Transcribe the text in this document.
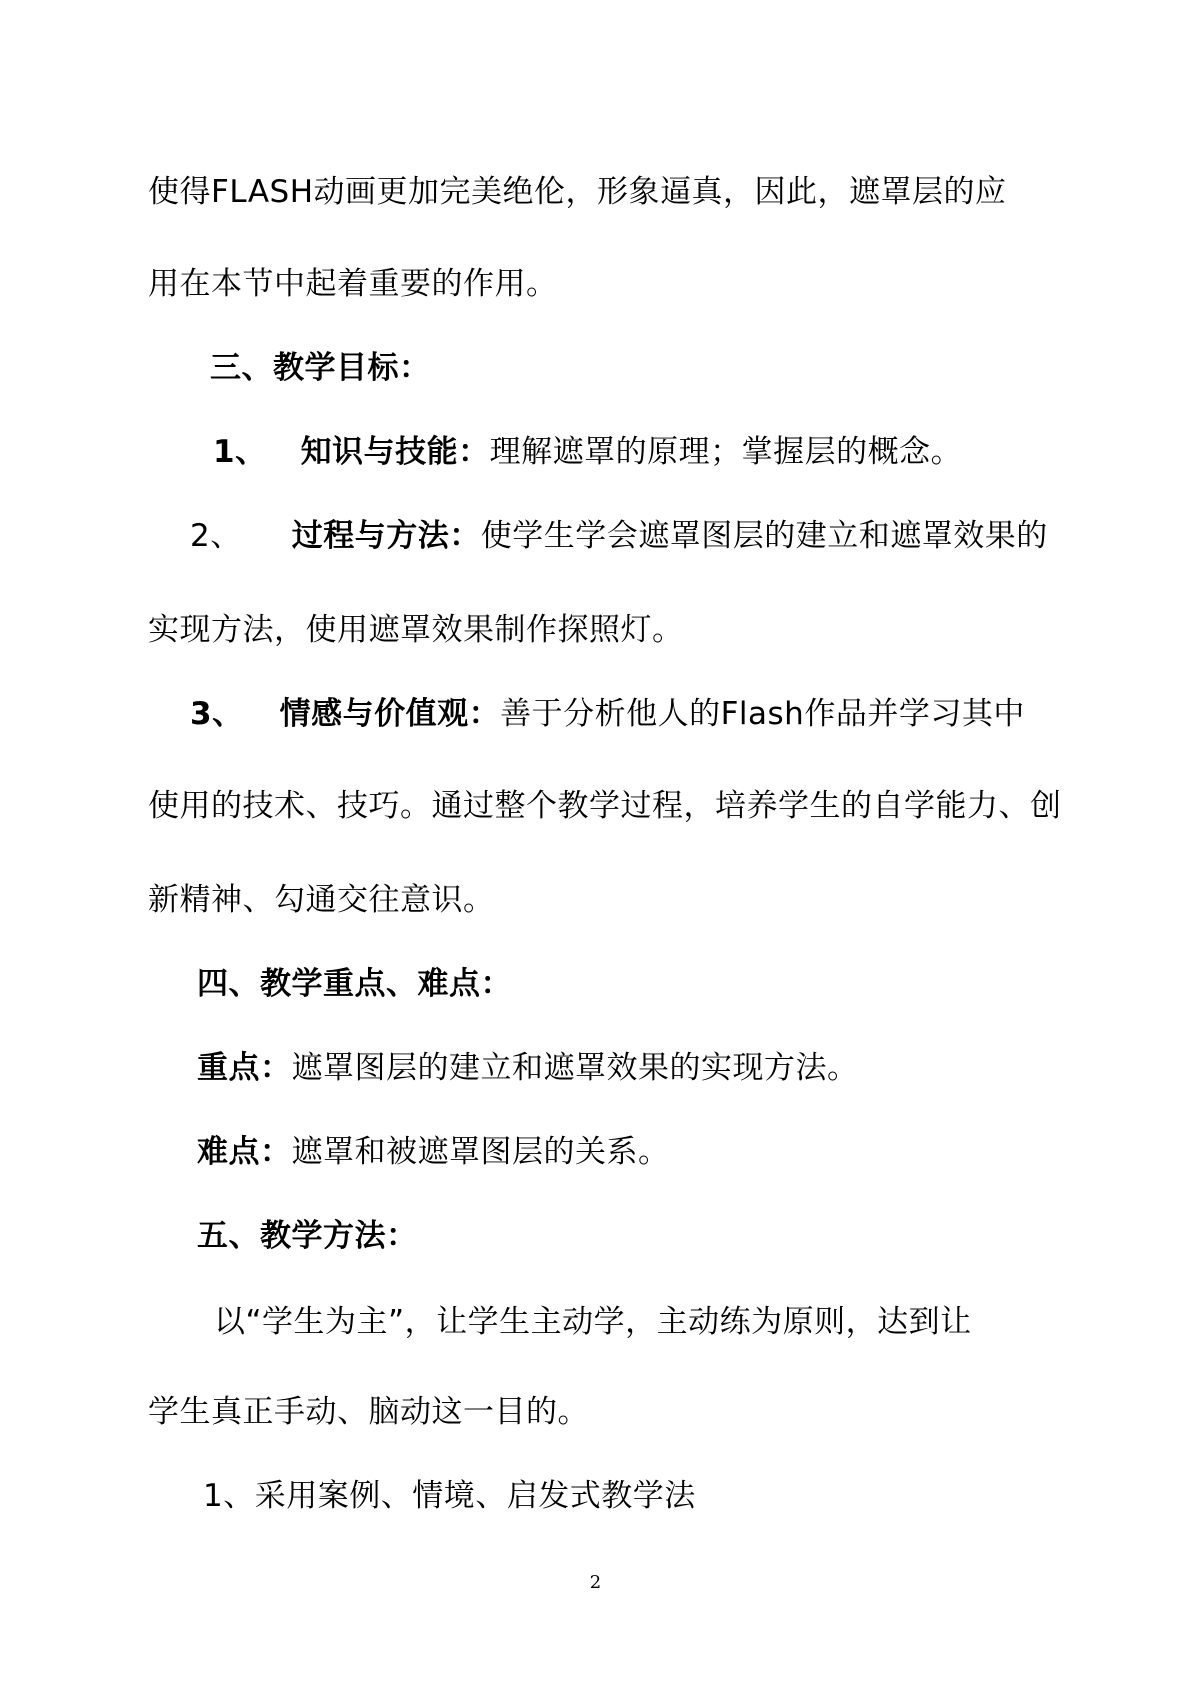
使得FLASH动画更加完美绝伦，形象逼真，因此，遮罩层的应
用在本节中起着重要的作用。
三、教学目标：
1、 知识与技能：理解遮罩的原理；掌握层的概念。
2、 过程与方法：使学生学会遮罩图层的建立和遮罩效果的
实现方法，使用遮罩效果制作探照灯。
3、 情感与价值观：善于分析他人的Flash作品并学习其中
使用的技术、技巧。通过整个教学过程，培养学生的自学能力、创
新精神、勾通交往意识。
四、教学重点、难点：
重点：遮罩图层的建立和遮罩效果的实现方法。
难点：遮罩和被遮罩图层的关系。
五、教学方法：
以“学生为主”，让学生主动学，主动练为原则，达到让
学生真正手动、脑动这一目的。
1、采用案例、情境、启发式教学法
2
